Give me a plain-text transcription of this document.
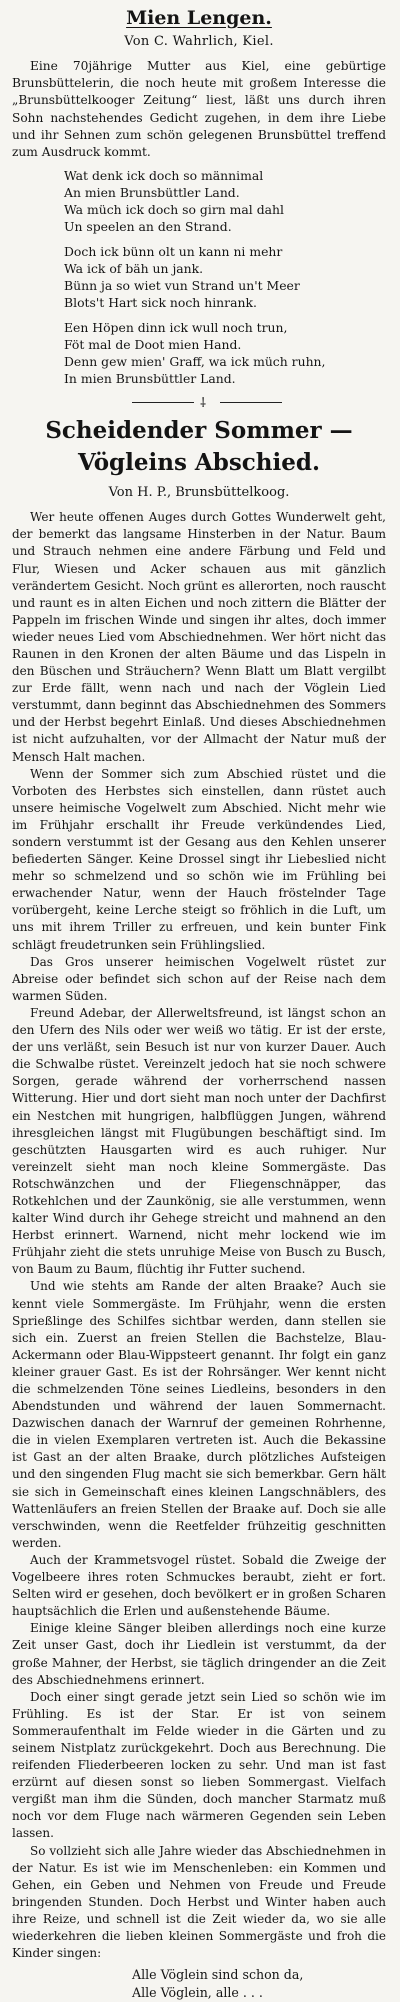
Mien Lengen.
Von C. Wahrlich, Kiel.

Eine 70jährige Mutter aus Kiel, eine gebürtige Brunsbüttelerin, die noch heute mit großem Interesse die „Brunsbüttelkooger Zeitung“ liest, läßt uns durch ihren Sohn nachstehendes Gedicht zugehen, in dem ihre Liebe und ihr Sehnen zum schön gelegenen Brunsbüttel treffend zum Ausdruck kommt.

Wat denk ick doch so männimal
An mien Brunsbüttler Land.
Wa müch ick doch so girn mal dahl
Un speelen an den Strand.
Doch ick bünn olt un kann ni mehr
Wa ick of bäh un jank.
Bünn ja so wiet vun Strand un't Meer
Blots't Hart sick noch hinrank.
Een Höpen dinn ick wull noch trun,
Föt mal de Doot mien Hand.
Denn gew mien' Graff, wa ick müch ruhn,
In mien Brunsbüttler Land.
⸸
Scheidender Sommer —
Vögleins Abschied.
Von H. P., Brunsbüttelkoog.

Wer heute offenen Auges durch Gottes Wunderwelt geht, der bemerkt das langsame Hinsterben in der Natur. Baum und Strauch nehmen eine andere Färbung und Feld und Flur, Wiesen und Acker schauen aus mit gänzlich verändertem Gesicht. Noch grünt es allerorten, noch rauscht und raunt es in alten Eichen und noch zittern die Blätter der Pappeln im frischen Winde und singen ihr altes, doch immer wieder neues Lied vom Abschiednehmen. Wer hört nicht das Raunen in den Kronen der alten Bäume und das Lispeln in den Büschen und Sträuchern? Wenn Blatt um Blatt vergilbt zur Erde fällt, wenn nach und nach der Vöglein Lied verstummt, dann beginnt das Abschiednehmen des Sommers und der Herbst begehrt Einlaß. Und dieses Abschiednehmen ist nicht aufzuhalten, vor der Allmacht der Natur muß der Mensch Halt machen.

Wenn der Sommer sich zum Abschied rüstet und die Vorboten des Herbstes sich einstellen, dann rüstet auch unsere heimische Vogelwelt zum Abschied. Nicht mehr wie im Frühjahr erschallt ihr Freude verkündendes Lied, sondern verstummt ist der Gesang aus den Kehlen unserer befiederten Sänger. Keine Drossel singt ihr Liebeslied nicht mehr so schmelzend und so schön wie im Frühling bei erwachender Natur, wenn der Hauch fröstelnder Tage vorübergeht, keine Lerche steigt so fröhlich in die Luft, um uns mit ihrem Triller zu erfreuen, und kein bunter Fink schlägt freudetrunken sein Frühlingslied.

Das Gros unserer heimischen Vogelwelt rüstet zur Abreise oder befindet sich schon auf der Reise nach dem warmen Süden.

Freund Adebar, der Allerweltsfreund, ist längst schon an den Ufern des Nils oder wer weiß wo tätig. Er ist der erste, der uns verläßt, sein Besuch ist nur von kurzer Dauer. Auch die Schwalbe rüstet. Vereinzelt jedoch hat sie noch schwere Sorgen, gerade während der vorherrschend nassen Witterung. Hier und dort sieht man noch unter der Dachfirst ein Nestchen mit hungrigen, halbflüggen Jungen, während ihresgleichen längst mit Flugübungen beschäftigt sind. Im geschützten Hausgarten wird es auch ruhiger. Nur vereinzelt sieht man noch kleine Sommergäste. Das Rotschwänzchen und der Fliegenschnäpper, das Rotkehlchen und der Zaunkönig, sie alle verstummen, wenn kalter Wind durch ihr Gehege streicht und mahnend an den Herbst erinnert. Warnend, nicht mehr lockend wie im Frühjahr zieht die stets unruhige Meise von Busch zu Busch, von Baum zu Baum, flüchtig ihr Futter suchend.

Und wie stehts am Rande der alten Braake? Auch sie kennt viele Sommergäste. Im Frühjahr, wenn die ersten Sprießlinge des Schilfes sichtbar werden, dann stellen sie sich ein. Zuerst an freien Stellen die Bachstelze, Blau-Ackermann oder Blau-Wippsteert genannt. Ihr folgt ein ganz kleiner grauer Gast. Es ist der Rohrsänger. Wer kennt nicht die schmelzenden Töne seines Liedleins, besonders in den Abendstunden und während der lauen Sommernacht. Dazwischen danach der Warnruf der gemeinen Rohrhenne, die in vielen Exemplaren vertreten ist. Auch die Bekassine ist Gast an der alten Braake, durch plötzliches Aufsteigen und den singenden Flug macht sie sich bemerkbar. Gern hält sie sich in Gemeinschaft eines kleinen Langschnäblers, des Wattenläufers an freien Stellen der Braake auf. Doch sie alle verschwinden, wenn die Reetfelder frühzeitig geschnitten werden.

Auch der Krammetsvogel rüstet. Sobald die Zweige der Vogelbeere ihres roten Schmuckes beraubt, zieht er fort. Selten wird er gesehen, doch bevölkert er in großen Scharen hauptsächlich die Erlen und außenstehende Bäume.

Einige kleine Sänger bleiben allerdings noch eine kurze Zeit unser Gast, doch ihr Liedlein ist verstummt, da der große Mahner, der Herbst, sie täglich dringender an die Zeit des Abschiednehmens erinnert.

Doch einer singt gerade jetzt sein Lied so schön wie im Frühling. Es ist der Star. Er ist von seinem Sommeraufenthalt im Felde wieder in die Gärten und zu seinem Nistplatz zurückgekehrt. Doch aus Berechnung. Die reifenden Fliederbeeren locken zu sehr. Und man ist fast erzürnt auf diesen sonst so lieben Sommergast. Vielfach vergißt man ihm die Sünden, doch mancher Starmatz muß noch vor dem Fluge nach wärmeren Gegenden sein Leben lassen.

So vollzieht sich alle Jahre wieder das Abschiednehmen in der Natur. Es ist wie im Menschenleben: ein Kommen und Gehen, ein Geben und Nehmen von Freude und Freude bringenden Stunden. Doch Herbst und Winter haben auch ihre Reize, und schnell ist die Zeit wieder da, wo sie alle wiederkehren die lieben kleinen Sommergäste und froh die Kinder singen:

Alle Vöglein sind schon da,
Alle Vöglein, alle . . .
